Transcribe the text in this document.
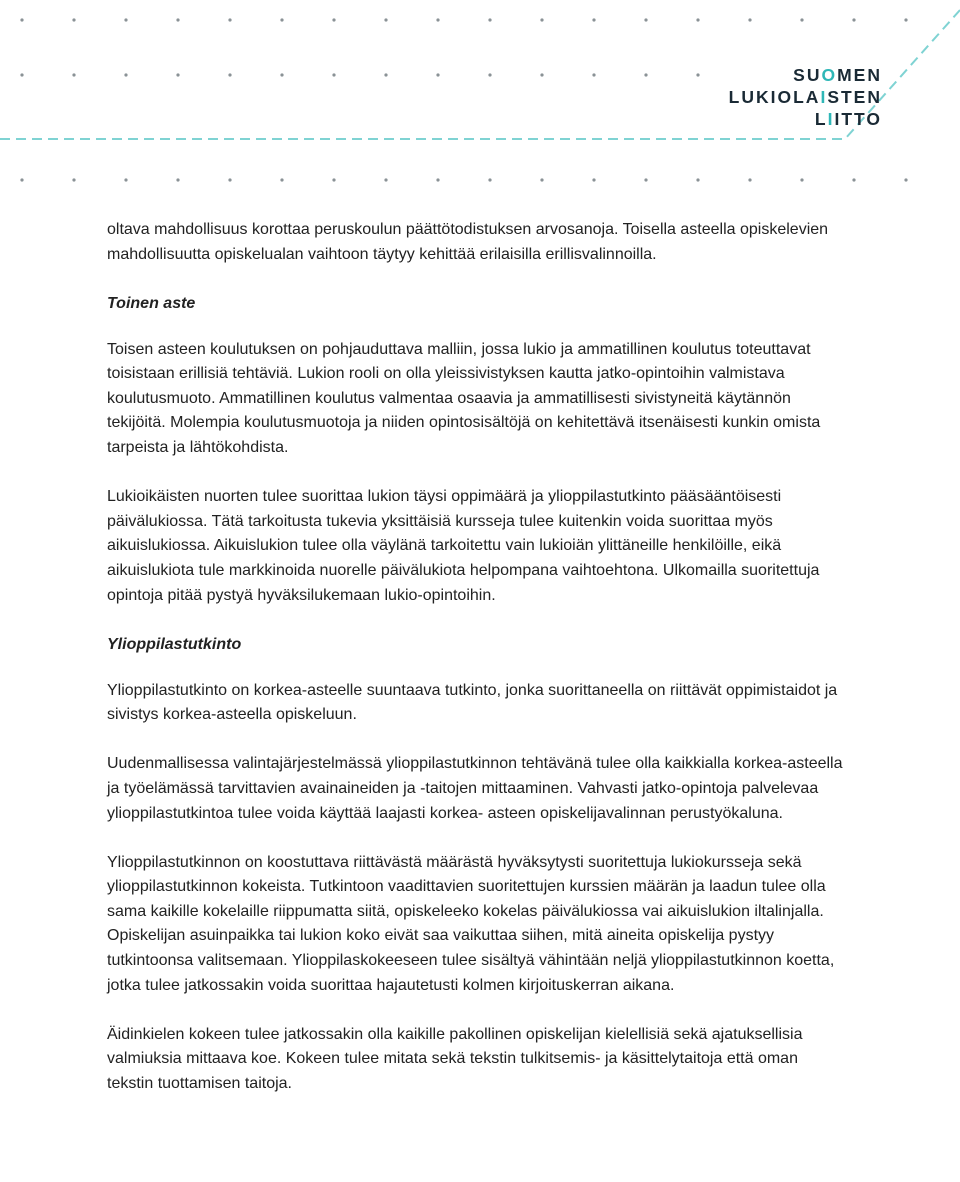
SUOMEN
LUKIOLAISTEN
LIITTO

oltava mahdollisuus korottaa peruskoulun päättötodistuksen arvosanoja. Toisella asteella opiskelevien mahdollisuutta opiskelualan vaihtoon täytyy kehittää erilaisilla erillisvalinnoilla.

Toinen aste

Toisen asteen koulutuksen on pohjauduttava malliin, jossa lukio ja ammatillinen koulutus toteuttavat toisistaan erillisiä tehtäviä. Lukion rooli on olla yleissivistyksen kautta jatko-opintoihin valmistava koulutusmuoto. Ammatillinen koulutus valmentaa osaavia ja ammatillisesti sivistyneitä käytännön tekijöitä. Molempia koulutusmuotoja ja niiden opintosisältöjä on kehitettävä itsenäisesti kunkin omista tarpeista ja lähtökohdista.

Lukioikäisten nuorten tulee suorittaa lukion täysi oppimäärä ja ylioppilastutkinto pääsääntöisesti päivälukiossa. Tätä tarkoitusta tukevia yksittäisiä kursseja tulee kuitenkin voida suorittaa myös aikuislukiossa. Aikuislukion tulee olla väylänä tarkoitettu vain lukioiän ylittäneille henkilöille, eikä aikuislukiota tule markkinoida nuorelle päivälukiota helpompana vaihtoehtona. Ulkomailla suoritettuja opintoja pitää pystyä hyväksilukemaan lukio-opintoihin.

Ylioppilastutkinto

Ylioppilastutkinto on korkea-asteelle suuntaava tutkinto, jonka suorittaneella on riittävät oppimistaidot ja sivistys korkea-asteella opiskeluun.

Uudenmallisessa valintajärjestelmässä ylioppilastutkinnon tehtävänä tulee olla kaikkialla korkea-asteella ja työelämässä tarvittavien avainaineiden ja -taitojen mittaaminen. Vahvasti jatko-opintoja palvelevaa ylioppilastutkintoa tulee voida käyttää laajasti korkea- asteen opiskelijavalinnan perustyökaluna.

Ylioppilastutkinnon on koostuttava riittävästä määrästä hyväksytysti suoritettuja lukiokursseja sekä ylioppilastutkinnon kokeista. Tutkintoon vaadittavien suoritettujen kurssien määrän ja laadun tulee olla sama kaikille kokelaille riippumatta siitä, opiskeleeko kokelas päivälukiossa vai aikuislukion iltalinjalla. Opiskelijan asuinpaikka tai lukion koko eivät saa vaikuttaa siihen, mitä aineita opiskelija pystyy tutkintoonsa valitsemaan. Ylioppilaskokeeseen tulee sisältyä vähintään neljä ylioppilastutkinnon koetta, jotka tulee jatkossakin voida suorittaa hajautetusti kolmen kirjoituskerran aikana.

Äidinkielen kokeen tulee jatkossakin olla kaikille pakollinen opiskelijan kielellisiä sekä ajatuksellisia valmiuksia mittaava koe. Kokeen tulee mitata sekä tekstin tulkitsemis- ja käsittelytaitoja että oman tekstin tuottamisen taitoja.
